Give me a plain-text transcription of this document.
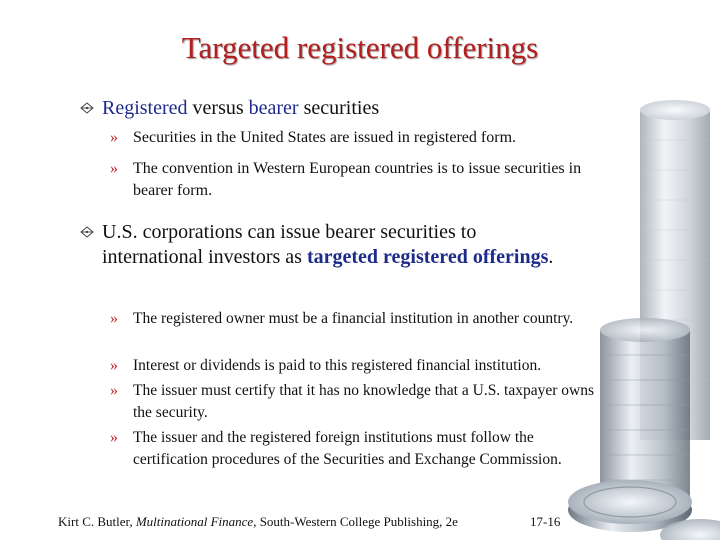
Targeted registered offerings
Registered versus bearer securities
» Securities in the United States are issued in registered form.
» The convention in Western European countries is to issue securities in bearer form.
U.S. corporations can issue bearer securities to international investors as targeted registered offerings.
» The registered owner must be a financial institution in another country.
» Interest or dividends is paid to this registered financial institution.
» The issuer must certify that it has no knowledge that a U.S. taxpayer owns the security.
» The issuer and the registered foreign institutions must follow the certification procedures of the Securities and Exchange Commission.
Kirt C. Butler, Multinational Finance, South-Western College Publishing, 2e	17-16
